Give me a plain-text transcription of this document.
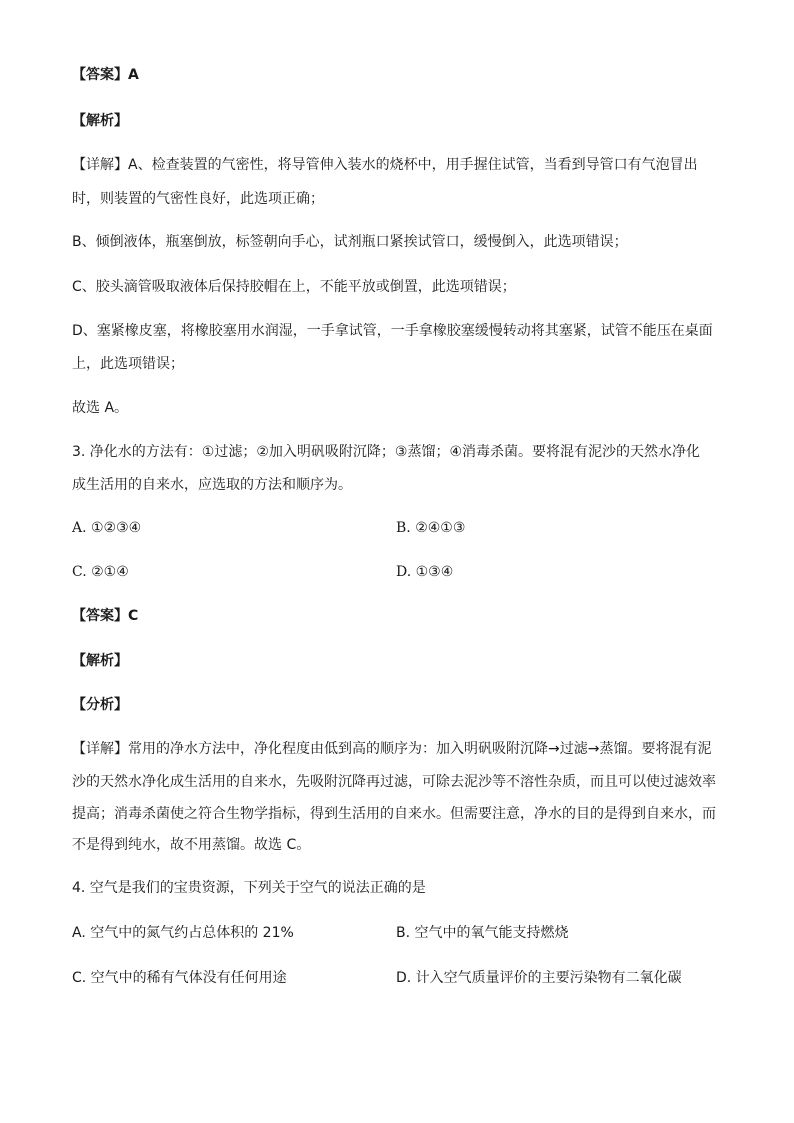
【答案】A
【解析】
【详解】A、检查装置的气密性，将导管伸入装水的烧杯中，用手握住试管，当看到导管口有气泡冒出
时，则装置的气密性良好，此选项正确；
B、倾倒液体，瓶塞倒放，标签朝向手心，试剂瓶口紧挨试管口，缓慢倒入，此选项错误；
C、胶头滴管吸取液体后保持胶帽在上，不能平放或倒置，此选项错误；
D、塞紧橡皮塞，将橡胶塞用水润湿，一手拿试管，一手拿橡胶塞缓慢转动将其塞紧，试管不能压在桌面
上，此选项错误；
故选 A。
3. 净化水的方法有：①过滤；②加入明矾吸附沉降；③蒸馏；④消毒杀菌。要将混有泥沙的天然水净化
成生活用的自来水，应选取的方法和顺序为。
A. ①②③④	B. ②④①③
C. ②①④	D. ①③④
【答案】C
【解析】
【分析】
【详解】常用的净水方法中，净化程度由低到高的顺序为：加入明矾吸附沉降→过滤→蒸馏。要将混有泥
沙的天然水净化成生活用的自来水，先吸附沉降再过滤，可除去泥沙等不溶性杂质，而且可以使过滤效率
提高；消毒杀菌使之符合生物学指标，得到生活用的自来水。但需要注意，净水的目的是得到自来水，而
不是得到纯水，故不用蒸馏。故选 C。
4. 空气是我们的宝贵资源，下列关于空气的说法正确的是
A. 空气中的氮气约占总体积的 21%	B. 空气中的氧气能支持燃烧
C. 空气中的稀有气体没有任何用途	D. 计入空气质量评价的主要污染物有二氧化碳
